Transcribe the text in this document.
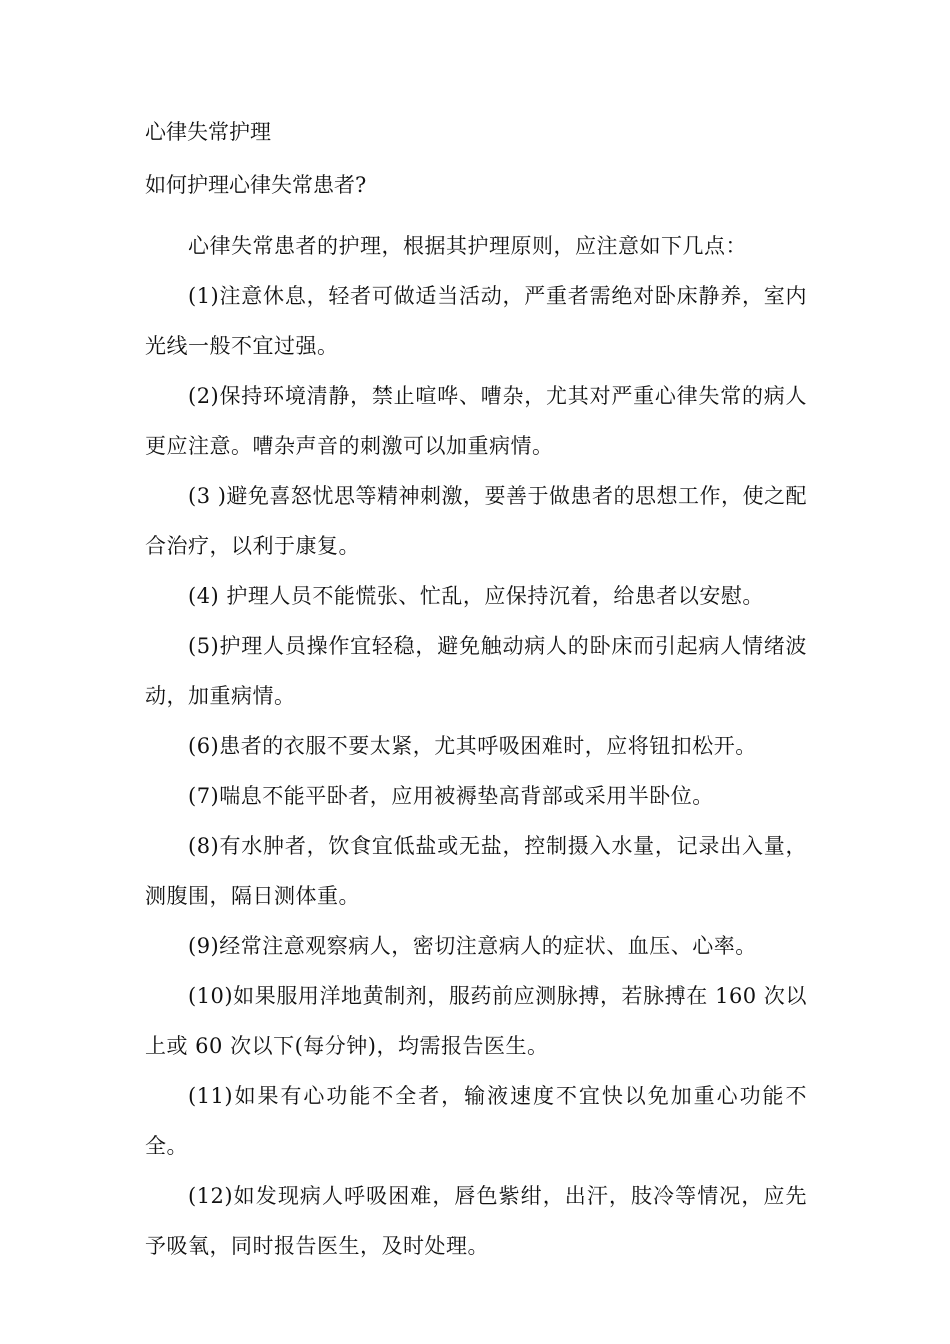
心律失常护理
如何护理心律失常患者?

心律失常患者的护理，根据其护理原则，应注意如下几点：

(1)注意休息，轻者可做适当活动，严重者需绝对卧床静养，室内光线一般不宜过强。

(2)保持环境清静，禁止喧哗、嘈杂，尤其对严重心律失常的病人更应注意。嘈杂声音的刺激可以加重病情。

(3 )避免喜怒忧思等精神刺激，要善于做患者的思想工作，使之配合治疗，以利于康复。

(4) 护理人员不能慌张、忙乱，应保持沉着，给患者以安慰。

(5)护理人员操作宜轻稳，避免触动病人的卧床而引起病人情绪波动，加重病情。

(6)患者的衣服不要太紧，尤其呼吸困难时，应将钮扣松开。

(7)喘息不能平卧者，应用被褥垫高背部或采用半卧位。

(8)有水肿者，饮食宜低盐或无盐，控制摄入水量，记录出入量，测腹围，隔日测体重。

(9)经常注意观察病人，密切注意病人的症状、血压、心率。

(10)如果服用洋地黄制剂，服药前应测脉搏，若脉搏在 160 次以上或 60 次以下(每分钟)，均需报告医生。

(11)如果有心功能不全者，输液速度不宜快以免加重心功能不全。

(12)如发现病人呼吸困难，唇色紫绀，出汗，肢冷等情况，应先予吸氧，同时报告医生，及时处理。
